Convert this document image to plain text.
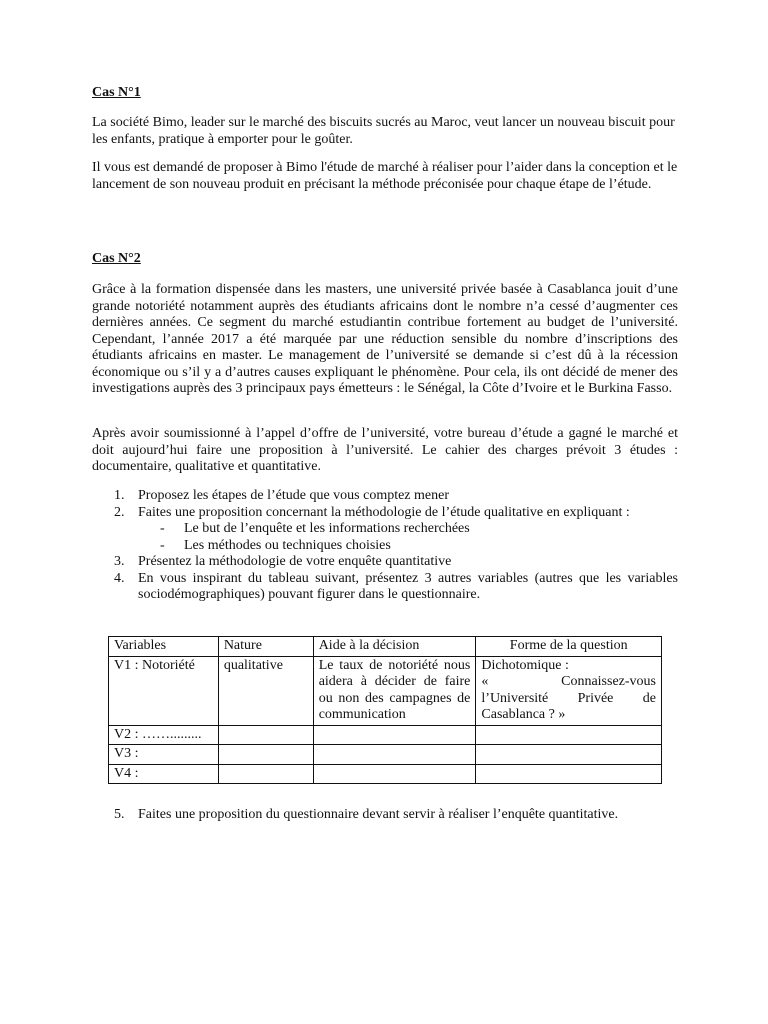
Cas N°1

La société Bimo, leader sur le marché des biscuits sucrés au Maroc, veut lancer un nouveau biscuit pour les enfants, pratique à emporter pour le goûter.

Il vous est demandé de proposer à Bimo l'étude de marché à réaliser pour l’aider dans la conception et le lancement de son nouveau produit en précisant la méthode préconisée pour chaque étape de l’étude.

Cas N°2

Grâce à la formation dispensée dans les masters, une université privée basée à Casablanca jouit d’une grande notoriété notamment auprès des étudiants africains dont le nombre n’a cessé d’augmenter ces dernières années. Ce segment du marché estudiantin contribue fortement au budget de l’université. Cependant, l’année 2017 a été marquée par une réduction sensible du nombre d’inscriptions des étudiants africains en master. Le management de l’université se demande si c’est dû à la récession économique ou s’il y a d’autres causes expliquant le phénomène. Pour cela, ils ont décidé de mener des investigations auprès des 3 principaux pays émetteurs : le Sénégal, la Côte d’Ivoire et le Burkina Fasso.

Après avoir soumissionné à l’appel d’offre de l’université, votre bureau d’étude a gagné le marché et doit aujourd’hui faire une proposition à l’université. Le cahier des charges prévoit 3 études : documentaire, qualitative et quantitative.

1. Proposez les étapes de l’étude que vous comptez mener
2. Faites une proposition concernant la méthodologie de l’étude qualitative en expliquant :
- Le but de l’enquête et les informations recherchées
- Les méthodes ou techniques choisies
3. Présentez la méthodologie de votre enquête quantitative
4. En vous inspirant du tableau suivant, présentez 3 autres variables (autres que les variables sociodémographiques) pouvant figurer dans le questionnaire.
Variables	Nature	Aide à la décision	Forme de la question
V1 : Notoriété	qualitative	Le taux de notoriété nous aidera à décider de faire ou non des campagnes de communication	Dichotomique :
« Connaissez-vous l’Université Privée de Casablanca ? »

V2 : …….........			
V3 :			
V4 :			
5. Faites une proposition du questionnaire devant servir à réaliser l’enquête quantitative.
